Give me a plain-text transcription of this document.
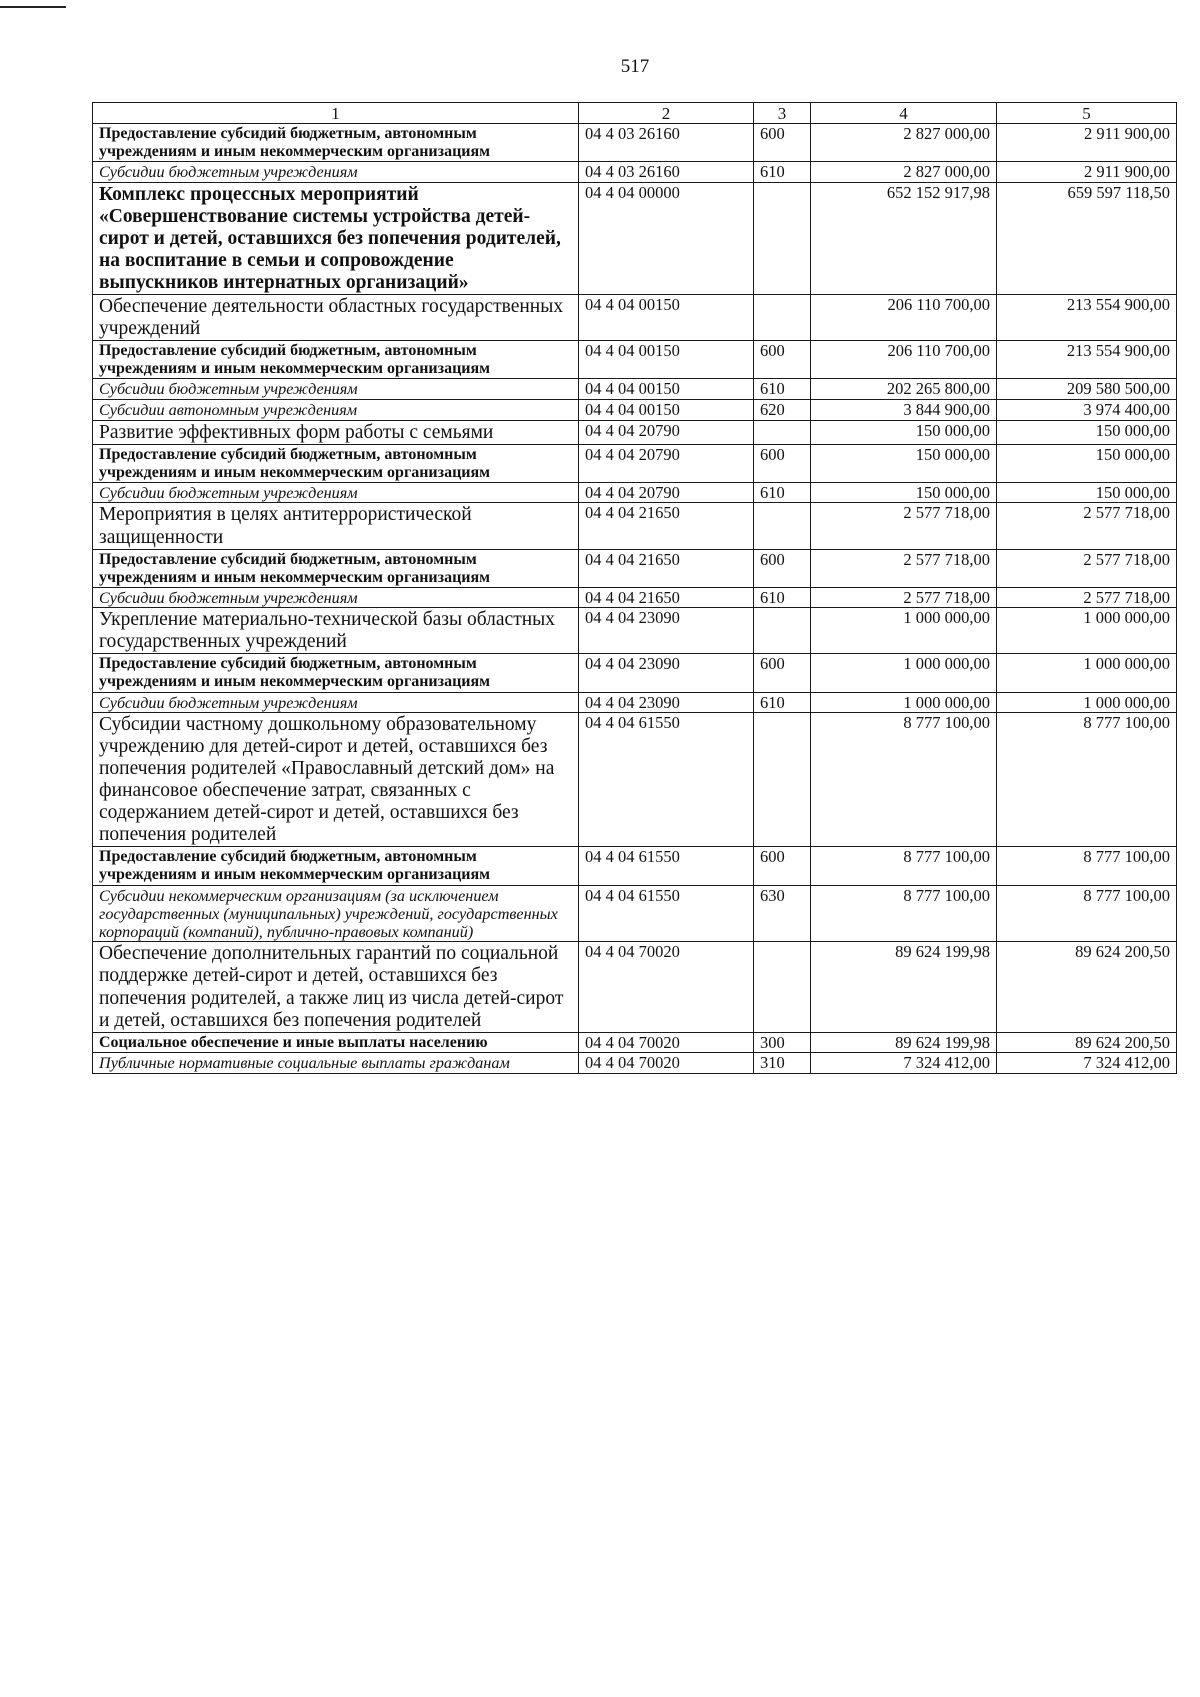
517
1	2	3	4	5
Предоставление субсидий бюджетным, автономным учреждениям и иным некоммерческим организациям	04 4 03 26160	600	2 827 000,00	2 911 900,00
Субсидии бюджетным учреждениям	04 4 03 26160	610	2 827 000,00	2 911 900,00
Комплекс процессных мероприятий «Совершенствование системы устройства детей-сирот и детей, оставшихся без попечения родителей, на воспитание в семьи и сопровождение выпускников интернатных организаций»	04 4 04 00000		652 152 917,98	659 597 118,50
Обеспечение деятельности областных государственных учреждений	04 4 04 00150		206 110 700,00	213 554 900,00
Предоставление субсидий бюджетным, автономным учреждениям и иным некоммерческим организациям	04 4 04 00150	600	206 110 700,00	213 554 900,00
Субсидии бюджетным учреждениям	04 4 04 00150	610	202 265 800,00	209 580 500,00
Субсидии автономным учреждениям	04 4 04 00150	620	3 844 900,00	3 974 400,00
Развитие эффективных форм работы с семьями	04 4 04 20790		150 000,00	150 000,00
Предоставление субсидий бюджетным, автономным учреждениям и иным некоммерческим организациям	04 4 04 20790	600	150 000,00	150 000,00
Субсидии бюджетным учреждениям	04 4 04 20790	610	150 000,00	150 000,00
Мероприятия в целях антитеррористической защищенности	04 4 04 21650		2 577 718,00	2 577 718,00
Предоставление субсидий бюджетным, автономным учреждениям и иным некоммерческим организациям	04 4 04 21650	600	2 577 718,00	2 577 718,00
Субсидии бюджетным учреждениям	04 4 04 21650	610	2 577 718,00	2 577 718,00
Укрепление материально-технической базы областных государственных учреждений	04 4 04 23090		1 000 000,00	1 000 000,00
Предоставление субсидий бюджетным, автономным учреждениям и иным некоммерческим организациям	04 4 04 23090	600	1 000 000,00	1 000 000,00
Субсидии бюджетным учреждениям	04 4 04 23090	610	1 000 000,00	1 000 000,00
Субсидии частному дошкольному образовательному учреждению для детей-сирот и детей, оставшихся без попечения родителей «Православный детский дом» на финансовое обеспечение затрат, связанных с содержанием детей-сирот и детей, оставшихся без попечения родителей	04 4 04 61550		8 777 100,00	8 777 100,00
Предоставление субсидий бюджетным, автономным учреждениям и иным некоммерческим организациям	04 4 04 61550	600	8 777 100,00	8 777 100,00
Субсидии некоммерческим организациям (за исключением государственных (муниципальных) учреждений, государственных корпораций (компаний), публично-правовых компаний)	04 4 04 61550	630	8 777 100,00	8 777 100,00
Обеспечение дополнительных гарантий по социальной поддержке детей-сирот и детей, оставшихся без попечения родителей, а также лиц из числа детей-сирот и детей, оставшихся без попечения родителей	04 4 04 70020		89 624 199,98	89 624 200,50
Социальное обеспечение и иные выплаты населению	04 4 04 70020	300	89 624 199,98	89 624 200,50
Публичные нормативные социальные выплаты гражданам	04 4 04 70020	310	7 324 412,00	7 324 412,00
